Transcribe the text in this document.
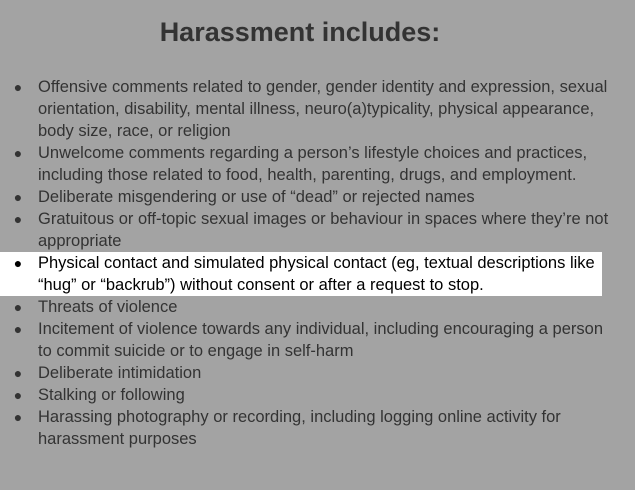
Harassment includes:
● Offensive comments related to gender, gender identity and expression, sexual orientation, disability, mental illness, neuro(a)typicality, physical appearance, body size, race, or religion
● Unwelcome comments regarding a person’s lifestyle choices and practices, including those related to food, health, parenting, drugs, and employment.
● Deliberate misgendering or use of “dead” or rejected names
● Gratuitous or off-topic sexual images or behaviour in spaces where they’re not appropriate
● Physical contact and simulated physical contact (eg, textual descriptions like “hug” or “backrub”) without consent or after a request to stop.
● Threats of violence
● Incitement of violence towards any individual, including encouraging a person to commit suicide or to engage in self-harm
● Deliberate intimidation
● Stalking or following
● Harassing photography or recording, including logging online activity for harassment purposes
